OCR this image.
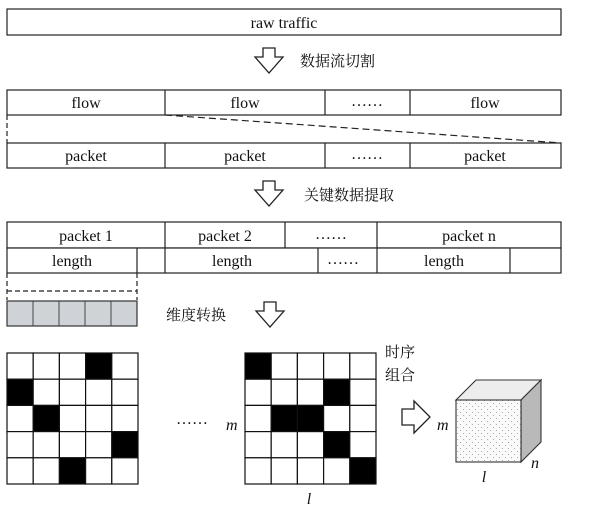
raw traffic
数据流切割
flow	flow	……	flow
packet	packet	……	packet
关键数据提取
packet 1	packet 2	……	packet n
length	length	……	length
维度转换
…… m
l
时序
组合
m
l
n
